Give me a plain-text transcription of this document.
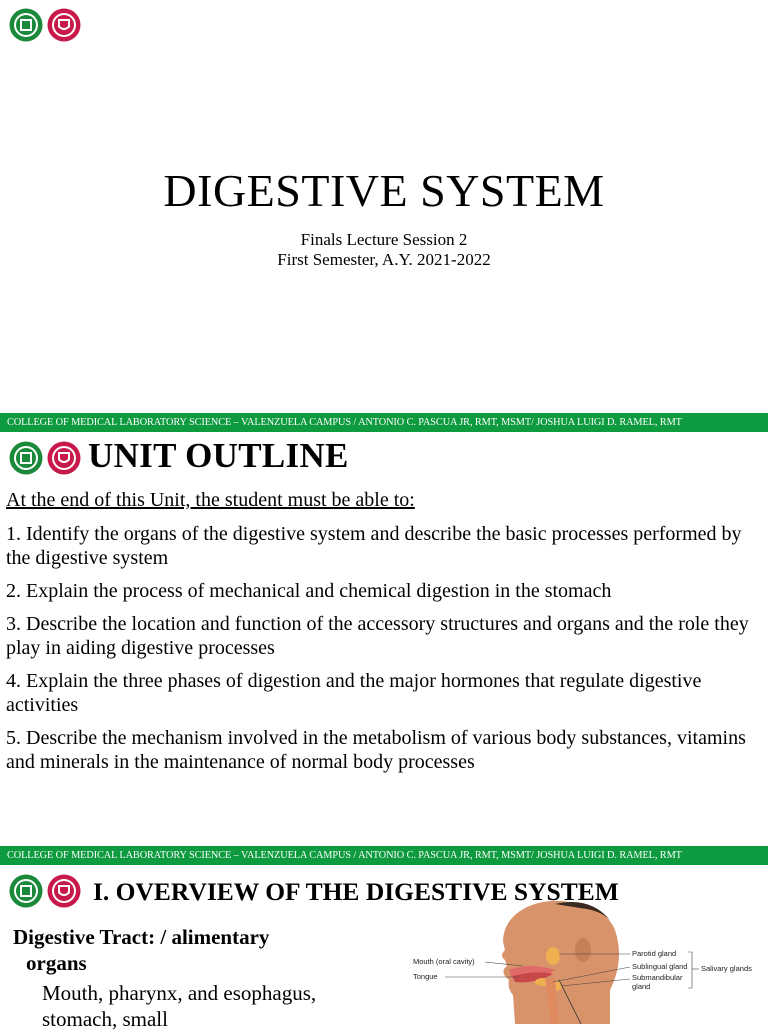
DIGESTIVE SYSTEM
Finals Lecture Session 2
First Semester, A.Y. 2021-2022
COLLEGE OF MEDICAL LABORATORY SCIENCE – VALENZUELA CAMPUS / ANTONIO C. PASCUA JR, RMT, MSMT/ JOSHUA LUIGI D. RAMEL, RMT
UNIT OUTLINE
At the end of this Unit, the student must be able to:
1. Identify the organs of the digestive system and describe the basic processes performed by the digestive system
2. Explain the process of mechanical and chemical digestion in the stomach
3. Describe the location and function of the accessory structures and organs and the role they play in aiding digestive processes
4. Explain the three phases of digestion and the major hormones that regulate digestive activities
5. Describe the mechanism involved in the metabolism of various body substances, vitamins and minerals in the maintenance of normal body processes
COLLEGE OF MEDICAL LABORATORY SCIENCE – VALENZUELA CAMPUS / ANTONIO C. PASCUA JR, RMT, MSMT/ JOSHUA LUIGI D. RAMEL, RMT
Mouth (oral cavity)
Tongue
Parotid gland
Sublingual gland
Submandibular
gland
Salivary glands
I. OVERVIEW OF THE DIGESTIVE SYSTEM
Digestive Tract: / alimentary
organs
Mouth, pharynx, and esophagus, stomach, small
